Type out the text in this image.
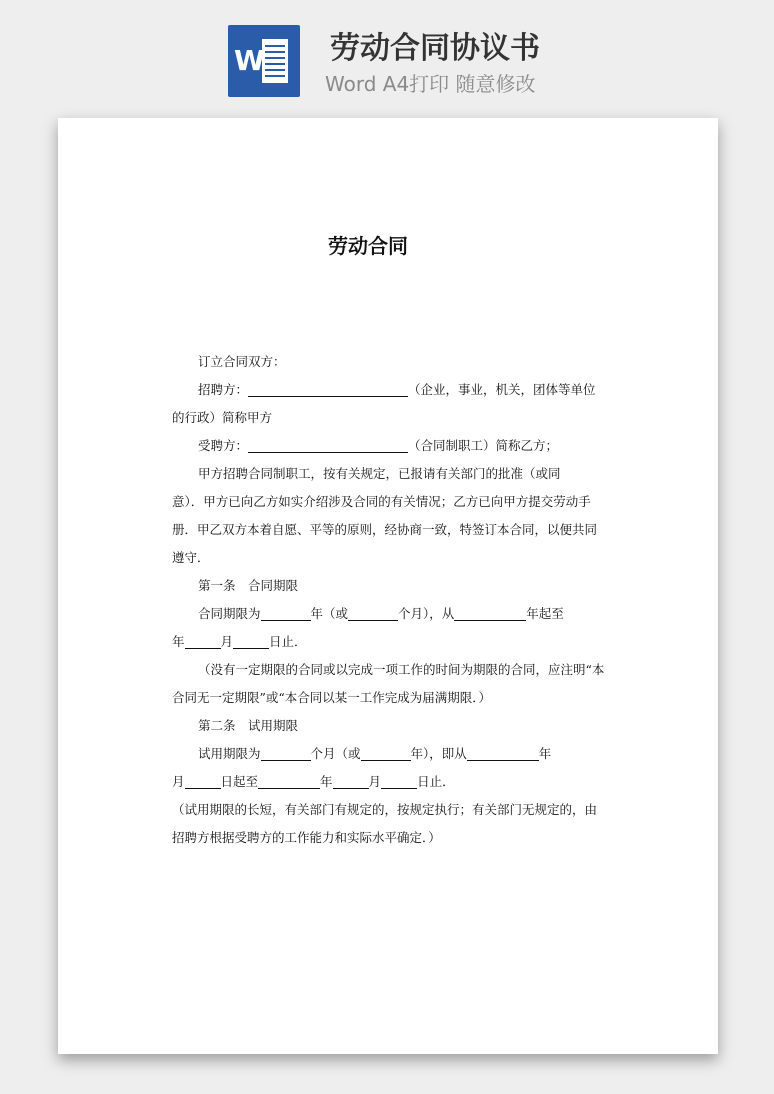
W 劳动合同协议书
Word A4打印 随意修改
劳动合同
订立合同双方：
招聘方：	（企业，事业，机关，团体等单位
的行政）简称甲方
受聘方：	（合同制职工）简称乙方；
甲方招聘合同制职工，按有关规定，已报请有关部门的批准（或同
意）．甲方已向乙方如实介绍涉及合同的有关情况；乙方已向甲方提交劳动手
册．甲乙双方本着自愿、平等的原则，经协商一致，特签订本合同，以便共同
遵守．
第一条　合同期限
合同期限为	年（或	个月），从	年起至
年	月	日止．
（没有一定期限的合同或以完成一项工作的时间为期限的合同，应注明“本
合同无一定期限”或“本合同以某一工作完成为届满期限．）
第二条　试用期限
试用期限为	个月（或	年），即从	年
月	日起至	年	月	日止．
（试用期限的长短，有关部门有规定的，按规定执行；有关部门无规定的，由
招聘方根据受聘方的工作能力和实际水平确定．）
